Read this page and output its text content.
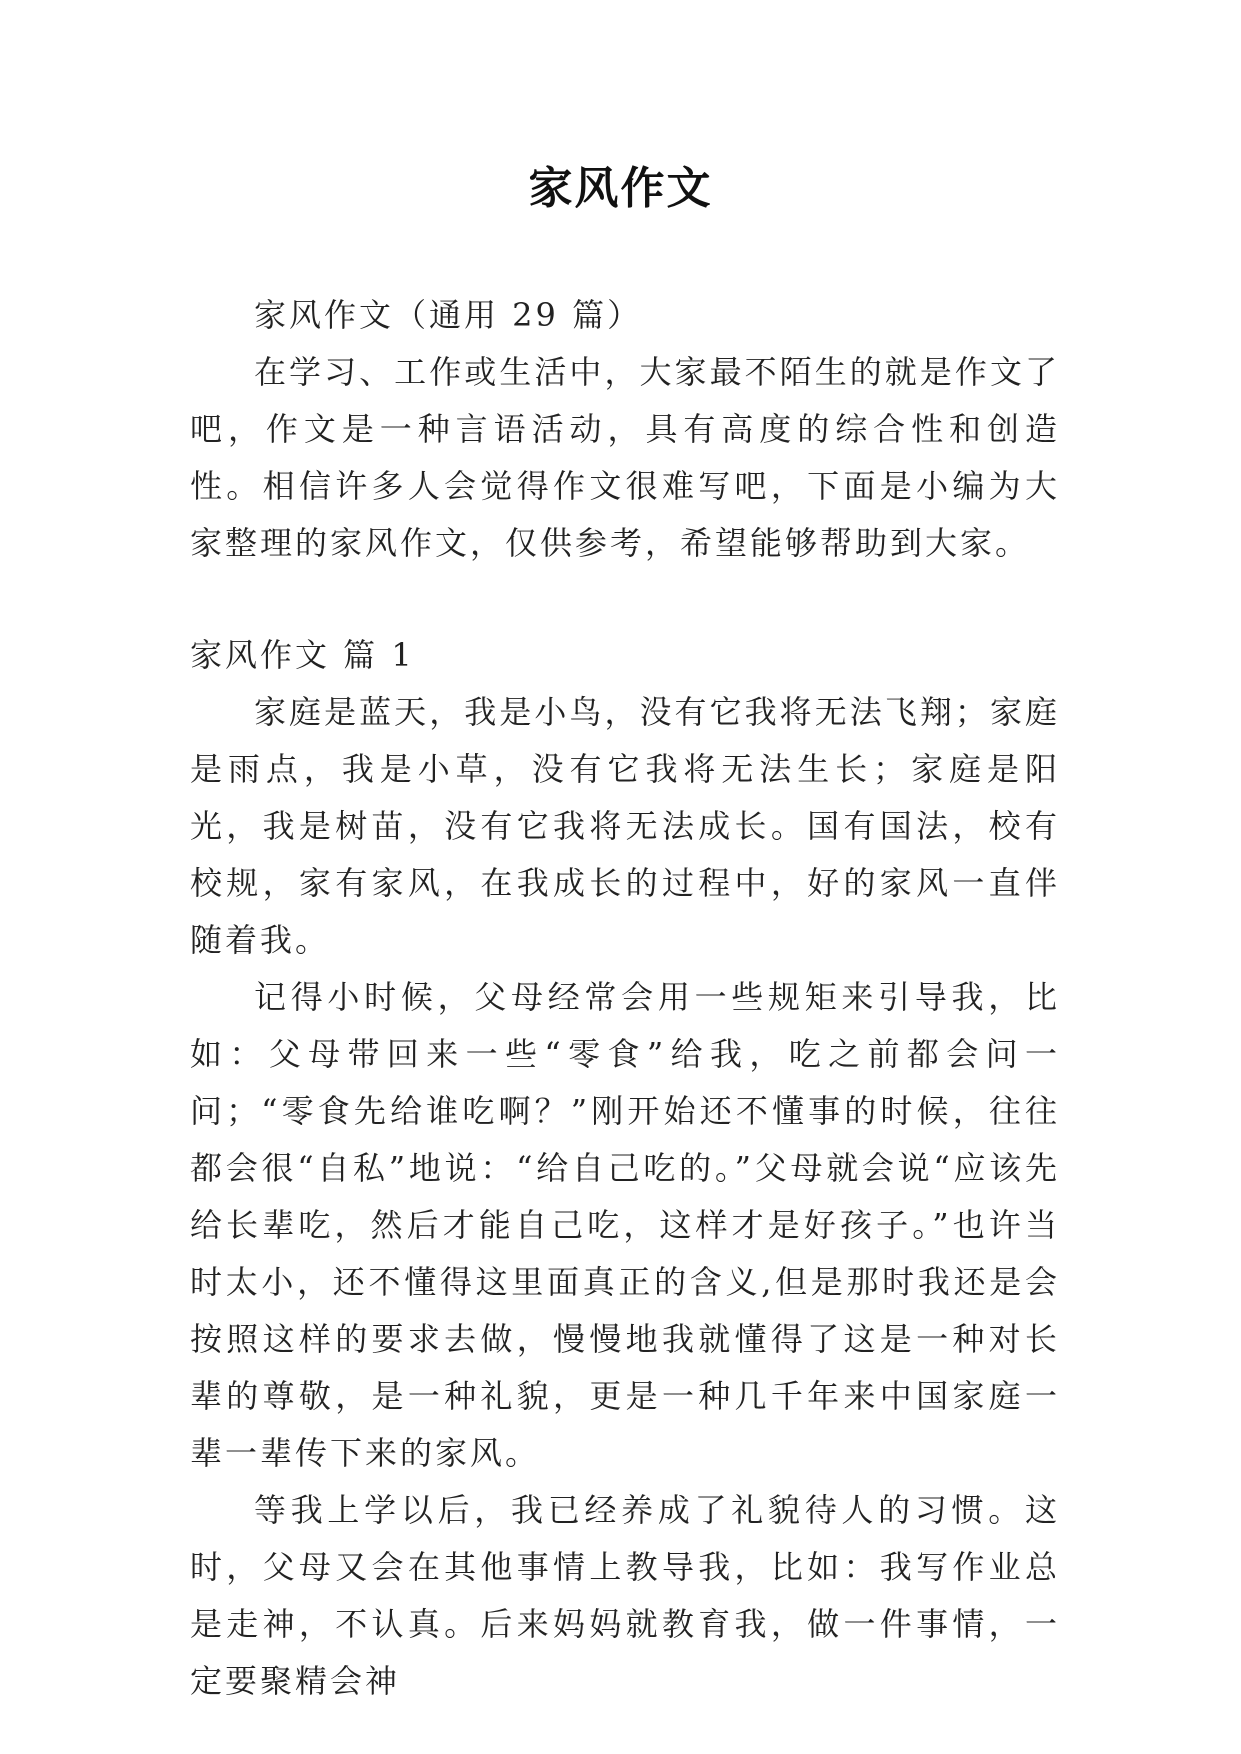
家风作文

家风作文（通用 29 篇）

在学习、工作或生活中，大家最不陌生的就是作文了吧，作文是一种言语活动，具有高度的综合性和创造性。相信许多人会觉得作文很难写吧，下面是小编为大家整理的家风作文，仅供参考，希望能够帮助到大家。

家风作文 篇 1

家庭是蓝天，我是小鸟，没有它我将无法飞翔；家庭是雨点，我是小草，没有它我将无法生长；家庭是阳光，我是树苗，没有它我将无法成长。国有国法，校有校规，家有家风，在我成长的过程中，好的家风一直伴随着我。

记得小时候，父母经常会用一些规矩来引导我，比如：父母带回来一些“零食”给我，吃之前都会问一问；“零食先给谁吃啊？”刚开始还不懂事的时候，往往都会很“自私”地说：“给自己吃的。”父母就会说“应该先给长辈吃，然后才能自己吃，这样才是好孩子。”也许当时太小，还不懂得这里面真正的含义,但是那时我还是会按照这样的要求去做，慢慢地我就懂得了这是一种对长辈的尊敬，是一种礼貌，更是一种几千年来中国家庭一辈一辈传下来的家风。

等我上学以后，我已经养成了礼貌待人的习惯。这时，父母又会在其他事情上教导我，比如：我写作业总是走神，不认真。后来妈妈就教育我，做一件事情，一定要聚精会神
